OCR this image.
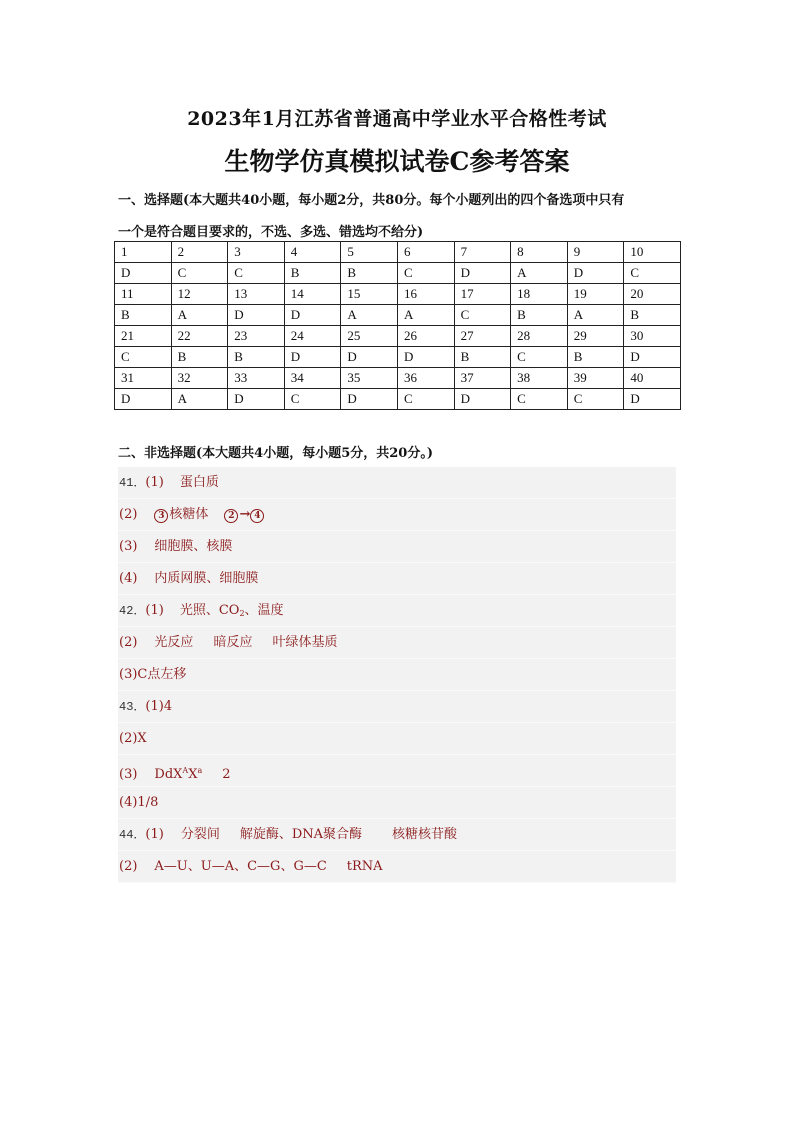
2023年1月江苏省普通高中学业水平合格性考试
生物学仿真模拟试卷C参考答案
一、选择题(本大题共40小题，每小题2分，共80分。每个小题列出的四个备选项中只有
一个是符合题目要求的，不选、多选、错选均不给分)
1	2	3	4	5	6	7	8	9	10
D	C	C	B	B	C	D	A	D	C
11	12	13	14	15	16	17	18	19	20
B	A	D	D	A	A	C	B	A	B
21	22	23	24	25	26	27	28	29	30
C	B	B	D	D	D	B	C	B	D
31	32	33	34	35	36	37	38	39	40
D	A	D	C	D	C	D	C	C	D
二、非选择题(本大题共4小题，每小题5分，共20分。)
41．(1) 蛋白质
(2) 3 核糖体 2 → 4
(3) 细胞膜、核膜
(4) 内质网膜、细胞膜
42．(1) 光照、$CO_2$、温度
(2) 光反应 暗反应 叶绿体基质
(3)C点左移
43．(1)4
(2)X
(3) $DdX^AX^a$ 2
(4)1/8
44．(1) 分裂间 解旋酶、DNA聚合酶 核糖核苷酸
(2) A—U、U—A、C—G、G—C tRNA
